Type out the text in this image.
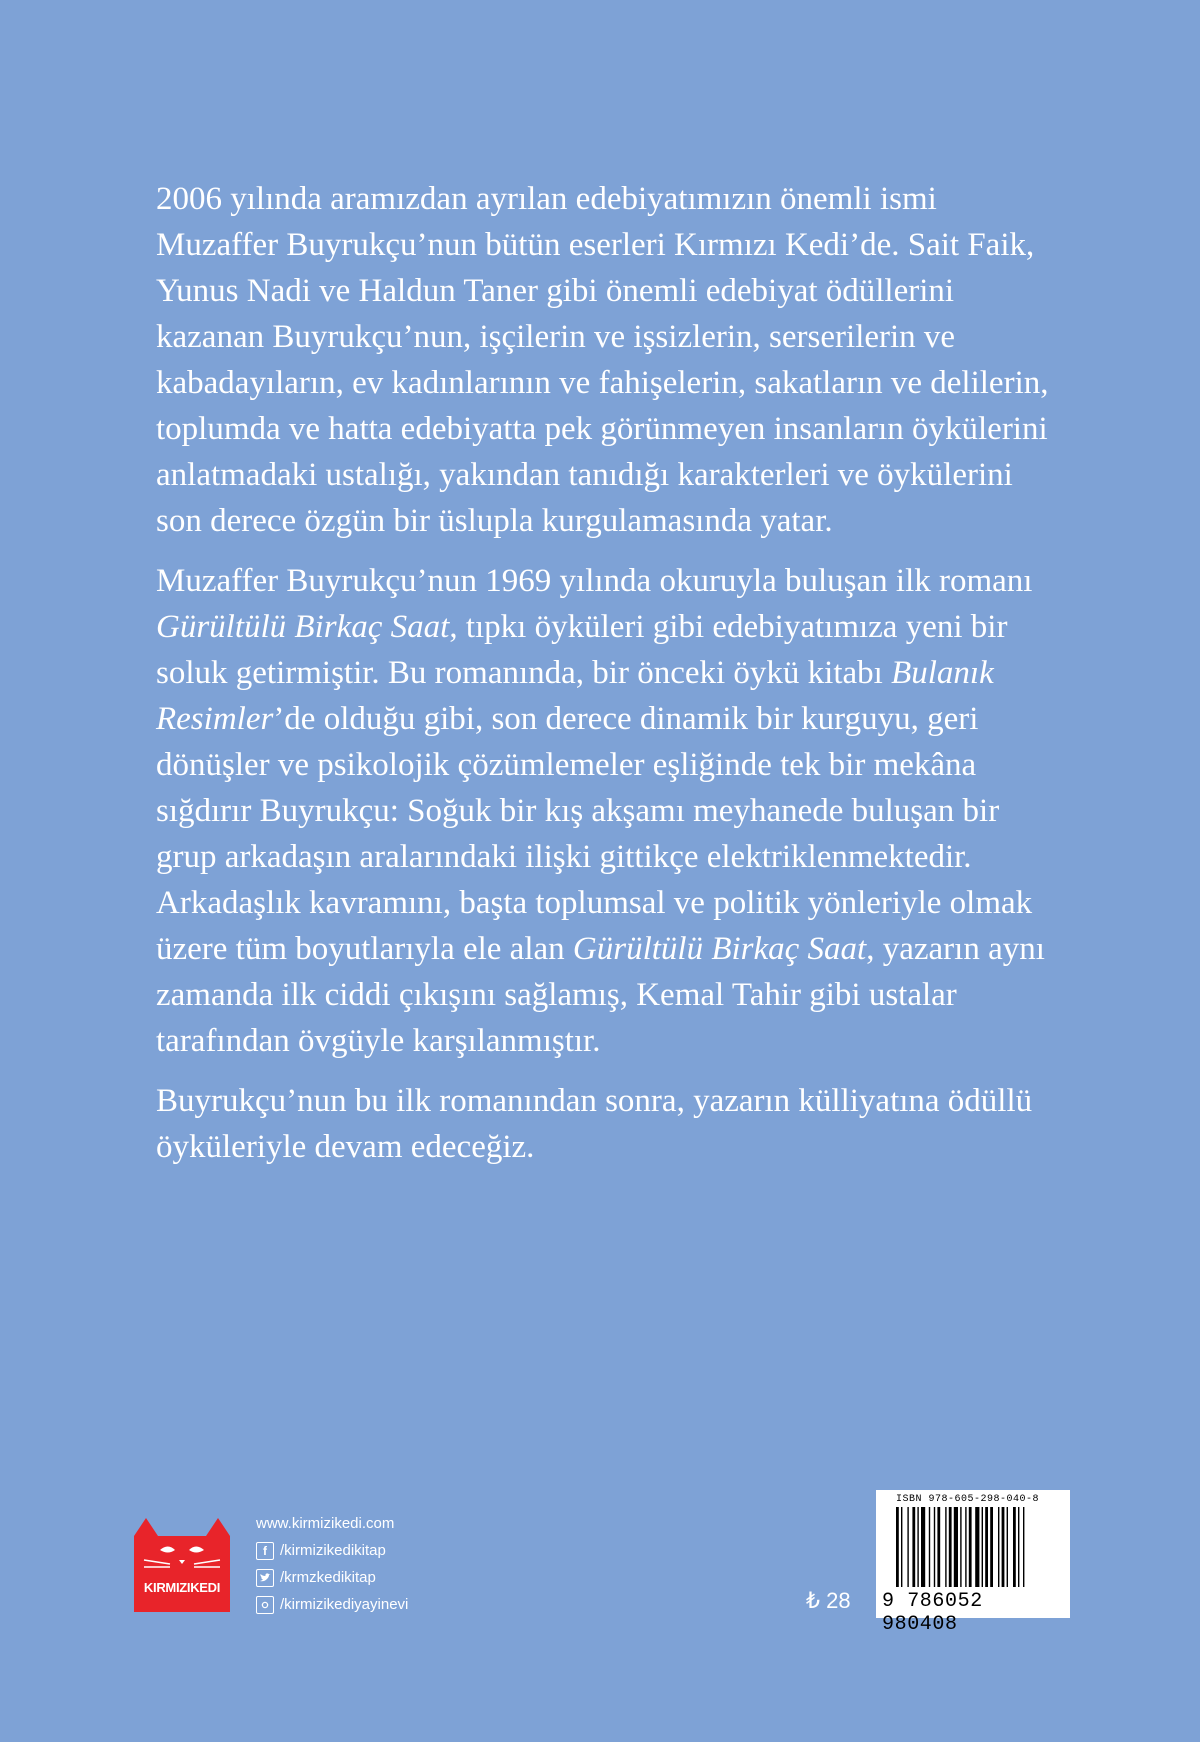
2006 yılında aramızdan ayrılan edebiyatımızın önemli ismi Muzaffer Buyrukçu’nun bütün eserleri Kırmızı Kedi’de. Sait Faik, Yunus Nadi ve Haldun Taner gibi önemli edebiyat ödüllerini kazanan Buyrukçu’nun, işçilerin ve işsizlerin, serserilerin ve kabadayıların, ev kadınlarının ve fahişelerin, sakatların ve delilerin, toplumda ve hatta edebiyatta pek görünmeyen insanların öykülerini anlatmadaki ustalığı, yakından tanıdığı karakterleri ve öykülerini son derece özgün bir üslupla kurgulamasında yatar.

Muzaffer Buyrukçu’nun 1969 yılında okuruyla buluşan ilk romanı Gürültülü Birkaç Saat, tıpkı öyküleri gibi edebiyatımıza yeni bir soluk getirmiştir. Bu romanında, bir önceki öykü kitabı Bulanık Resimler’de olduğu gibi, son derece dinamik bir kurguyu, geri dönüşler ve psikolojik çözümlemeler eşliğinde tek bir mekâna sığdırır Buyrukçu: Soğuk bir kış akşamı meyhanede buluşan bir grup arkadaşın aralarındaki ilişki gittikçe elektriklenmektedir. Arkadaşlık kavramını, başta toplumsal ve politik yönleriyle olmak üzere tüm boyutlarıyla ele alan Gürültülü Birkaç Saat, yazarın aynı zamanda ilk ciddi çıkışını sağlamış, Kemal Tahir gibi ustalar tarafından övgüyle karşılanmıştır.

Buyrukçu’nun bu ilk romanından sonra, yazarın külliyatına ödüllü öyküleriyle devam edeceğiz.

KIRMIZIKEDI
www.kirmizikedi.com
f /kirmizikedikitap
/krmzkedikitap
/kirmizikediyayinevi	₺ 28
ISBN 978-605-298-040-8
9 786052 980408
